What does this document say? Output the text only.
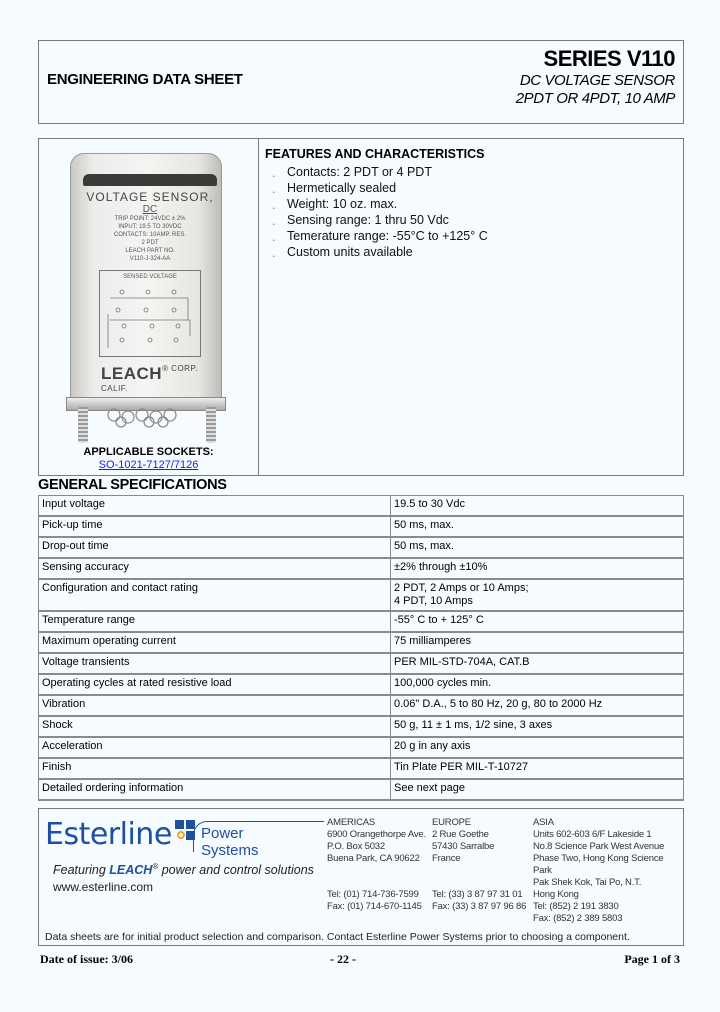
ENGINEERING DATA SHEET
SERIES V110
DC VOLTAGE SENSOR
2PDT OR 4PDT, 10 AMP
VOLTAGE SENSOR,
DC
TRIP POINT: 24VDC ± 2%
INPUT: 19.5 TO 30VDC
CONTACTS: 10AMP. RES.
2 PDT
LEACH PART NO.
V110-J-324-AA
SENSED VOLTAGE
$LEACH^{® CORP. CALIF.}$
APPLICABLE SOCKETS:
SO-1021-7127/7126
FEATURES AND CHARACTERISTICS
⸼ Contacts: 2 PDT or 4 PDT
⸼ Hermetically sealed
⸼ Weight: 10 oz. max.
⸼ Sensing range: 1 thru 50 Vdc
⸼ Temerature range: -55°C to +125° C
⸼ Custom units available
GENERAL SPECIFICATIONS
Input voltage	19.5 to 30 Vdc
Pick-up time	50 ms, max.
Drop-out time	50 ms, max.
Sensing accuracy	±2% through ±10%
Configuration and contact rating	2 PDT, 2 Amps or 10 Amps;
4 PDT, 10 Amps

Temperature range	-55° C to + 125° C
Maximum operating current	75 milliamperes
Voltage transients	PER MIL-STD-704A, CAT.B
Operating cycles at rated resistive load	100,000 cycles min.
Vibration	0.06" D.A., 5 to 80 Hz, 20 g, 80 to 2000 Hz
Shock	50 g, 11 ± 1 ms, 1/2 sine, 3 axes
Acceleration	20 g in any axis
Finish	Tin Plate PER MIL-T-10727
Detailed ordering information	See next page
Esterline Power Systems
Featuring LEACH® power and control solutions
www.esterline.com
AMERICAS
6900 Orangethorpe Ave.
P.O. Box 5032
Buena Park, CA 90622
Tel: (01) 714-736-7599
Fax: (01) 714-670-1145
EUROPE
2 Rue Goethe
57430 Sarralbe
France
Tel: (33) 3 87 97 31 01
Fax: (33) 3 87 97 96 86
ASIA
Units 602-603 6/F Lakeside 1
No.8 Science Park West Avenue
Phase Two, Hong Kong Science Park
Pak Shek Kok, Tai Po, N.T.
Hong Kong
Tel: (852) 2 191 3830
Fax: (852) 2 389 5803
Data sheets are for initial product selection and comparison. Contact Esterline Power Systems prior to choosing a component.
Date of issue: 3/06	- 22 -	Page 1 of 3
